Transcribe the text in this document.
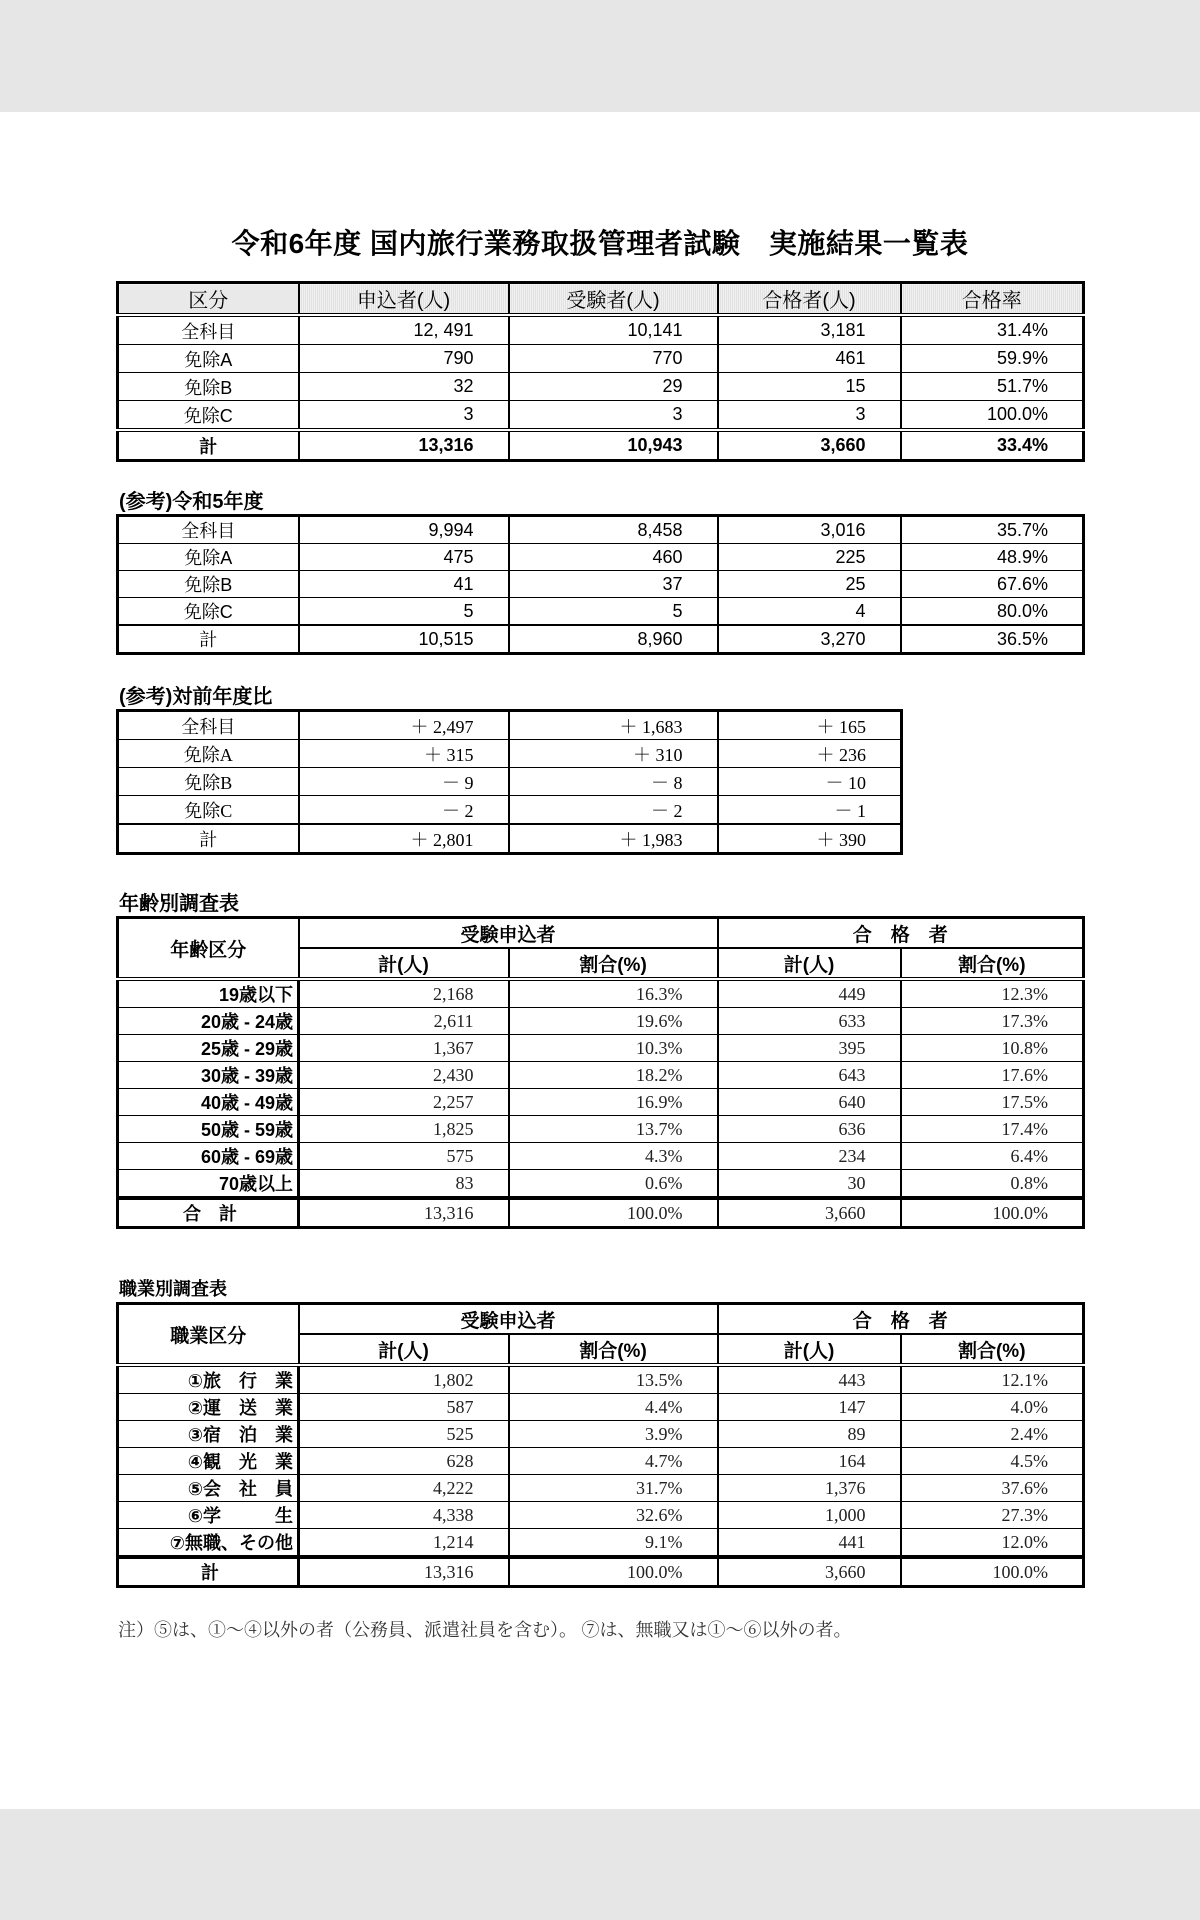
令和6年度 国内旅行業務取扱管理者試験　実施結果一覧表
区分	申込者(人)	受験者(人)	合格者(人)	合格率
全科目	12, 491	10,141	3,181	31.4%
免除A	790	770	461	59.9%
免除B	32	29	15	51.7%
免除C	3	3	3	100.0%
計	13,316	10,943	3,660	33.4%
(参考)令和5年度
全科目	9,994	8,458	3,016	35.7%
免除A	475	460	225	48.9%
免除B	41	37	25	67.6%
免除C	5	5	4	80.0%
計	10,515	8,960	3,270	36.5%
(参考)対前年度比
全科目	＋ 2,497	＋ 1,683	＋ 165
免除A	＋ 315	＋ 310	＋ 236
免除B	－ 9	－ 8	－ 10
免除C	－ 2	－ 2	－ 1
計	＋ 2,801	＋ 1,983	＋ 390
年齢別調査表
年齢区分	受験申込者		合　格　者	
	計(人)	割合(%)	計(人)	割合(%)
19歳以下	2,168	16.3%	449	12.3%
20歳 - 24歳	2,611	19.6%	633	17.3%
25歳 - 29歳	1,367	10.3%	395	10.8%
30歳 - 39歳	2,430	18.2%	643	17.6%
40歳 - 49歳	2,257	16.9%	640	17.5%
50歳 - 59歳	1,825	13.7%	636	17.4%
60歳 - 69歳	575	4.3%	234	6.4%
70歳以上	83	0.6%	30	0.8%
合　計	13,316	100.0%	3,660	100.0%
職業別調査表
職業区分	受験申込者		合　格　者	
	計(人)	割合(%)	計(人)	割合(%)
①旅　行　業	1,802	13.5%	443	12.1%
②運　送　業	587	4.4%	147	4.0%
③宿　泊　業	525	3.9%	89	2.4%
④観　光　業	628	4.7%	164	4.5%
⑤会　社　員	4,222	31.7%	1,376	37.6%
⑥学　　　生	4,338	32.6%	1,000	27.3%
⑦無職、その他	1,214	9.1%	441	12.0%
計	13,316	100.0%	3,660	100.0%
注）⑤は、①～④以外の者（公務員、派遣社員を含む）。 ⑦は、無職又は①～⑥以外の者。
